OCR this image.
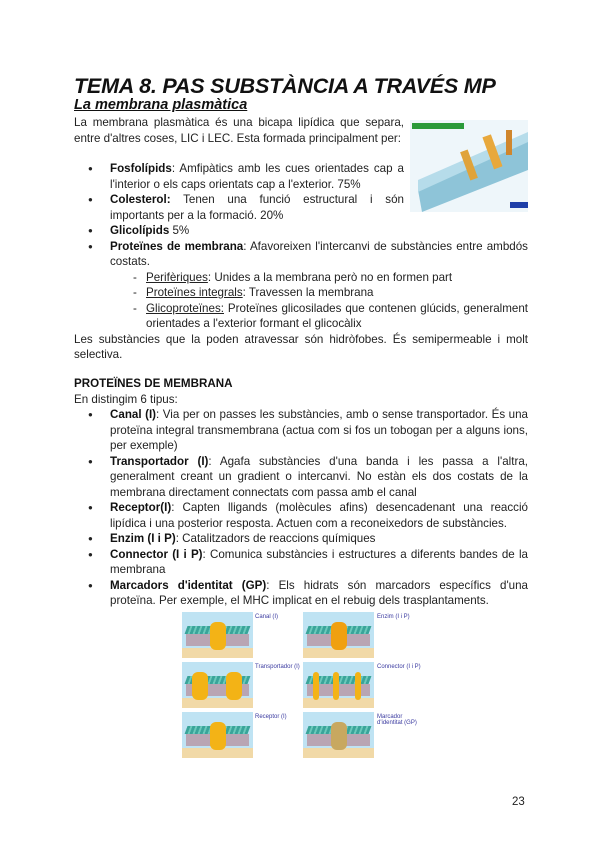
TEMA 8. PAS SUBSTÀNCIA A TRAVÉS MP
La membrana plasmàtica

La membrana plasmàtica és una bicapa lipídica que separa, entre d'altres coses, LIC i LEC. Esta formada principalment per:

● Fosfolípids: Amfipàtics amb les cues orientades cap a l'interior o els caps orientats cap a l'exterior. 75%
● Colesterol: Tenen una funció estructural i són importants per a la formació. 20%
● Glicolípids 5%
● Proteïnes de membrana: Afavoreixen l'intercanvi de substàncies entre ambdós costats.
- Perifèriques: Unides a la membrana però no en formen part
- Proteïnes integrals: Travessen la membrana
- Glicoproteïnes: Proteïnes glicosilades que contenen glúcids, generalment orientades a l'exterior formant el glicocàlix

Les substàncies que la poden atravessar són hidròfobes. És semipermeable i molt selectiva.

PROTEÏNES DE MEMBRANA

En distingim 6 tipus:

● Canal (I): Via per on passes les substàncies, amb o sense transportador. És una proteïna integral transmembrana (actua com si fos un tobogan per a alguns ions, per exemple)
● Transportador (I): Agafa substàncies d'una banda i les passa a l'altra, generalment creant un gradient o intercanvi. No estàn els dos costats de la membrana directament connectats com passa amb el canal
● Receptor(I): Capten lligands (molècules afins) desencadenant una reacció lipídica i una posterior resposta. Actuen com a reconeixedors de substàncies.
● Enzim (I i P): Catalitzadors de reaccions químiques
● Connector (I i P): Comunica substàncies i estructures a diferents bandes de la membrana
● Marcadors d'identitat (GP): Els hidrats són marcadors específics d'una proteïna. Per exemple, el MHC implicat en el rebuig dels trasplantaments.
Canal (I)	Enzim (I i P)
Transportador (I)	Connector (I i P)
Receptor (I)	Marcador d'identitat (GP)
23
